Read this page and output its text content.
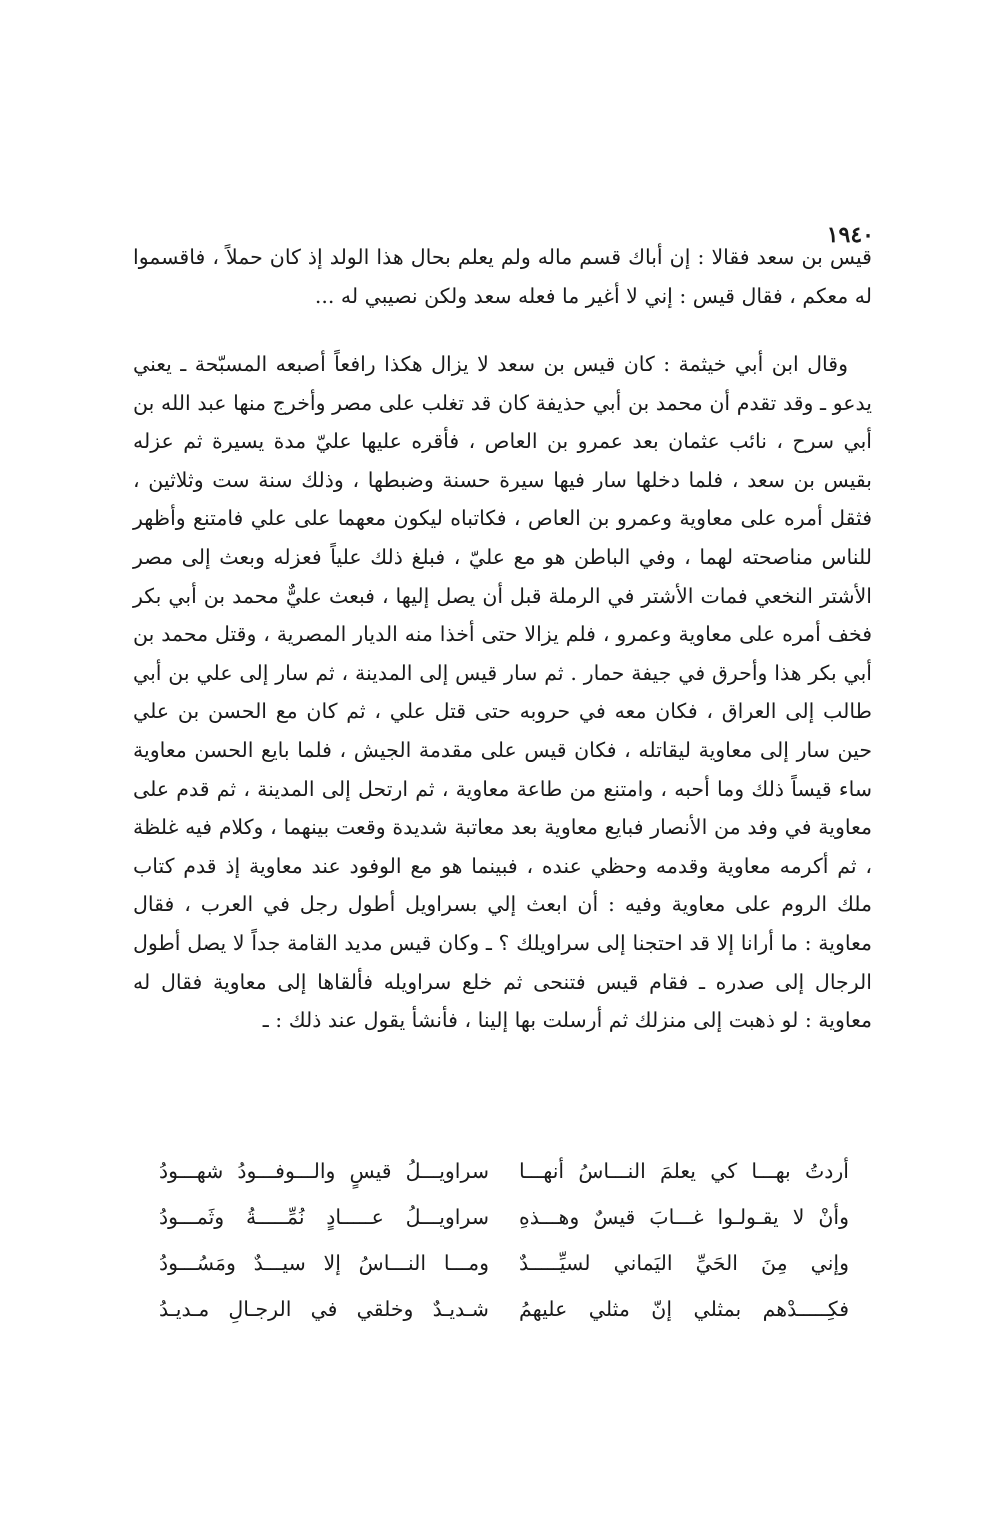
١٩٤٠

قيس بن سعد فقالا : إن أباك قسم ماله ولم يعلم بحال هذا الولد إذ كان حملاً ، فاقسموا له معكم ، فقال قيس : إني لا أغير ما فعله سعد ولكن نصيبي له ...

وقال ابن أبي خيثمة : كان قيس بن سعد لا يزال هكذا رافعاً أصبعه المسبّحة ـ يعني يدعو ـ وقد تقدم أن محمد بن أبي حذيفة كان قد تغلب على مصر وأخرج منها عبد الله بن أبي سرح ، نائب عثمان بعد عمرو بن العاص ، فأقره عليها عليّ مدة يسيرة ثم عزله بقيس بن سعد ، فلما دخلها سار فيها سيرة حسنة وضبطها ، وذلك سنة ست وثلاثين ، فثقل أمره على معاوية وعمرو بن العاص ، فكاتباه ليكون معهما على علي فامتنع وأظهر للناس مناصحته لهما ، وفي الباطن هو مع عليّ ، فبلغ ذلك علياً فعزله وبعث إلى مصر الأشتر النخعي فمات الأشتر في الرملة قبل أن يصل إليها ، فبعث عليٌّ محمد بن أبي بكر فخف أمره على معاوية وعمرو ، فلم يزالا حتى أخذا منه الديار المصرية ، وقتل محمد بن أبي بكر هذا وأحرق في جيفة حمار . ثم سار قيس إلى المدينة ، ثم سار إلى علي بن أبي طالب إلى العراق ، فكان معه في حروبه حتى قتل علي ، ثم كان مع الحسن بن علي حين سار إلى معاوية ليقاتله ، فكان قيس على مقدمة الجيش ، فلما بايع الحسن معاوية ساء قيساً ذلك وما أحبه ، وامتنع من طاعة معاوية ، ثم ارتحل إلى المدينة ، ثم قدم على معاوية في وفد من الأنصار فبايع معاوية بعد معاتبة شديدة وقعت بينهما ، وكلام فيه غلظة ، ثم أكرمه معاوية وقدمه وحظي عنده ، فبينما هو مع الوفود عند معاوية إذ قدم كتاب ملك الروم على معاوية وفيه : أن ابعث إلي بسراويل أطول رجل في العرب ، فقال معاوية : ما أرانا إلا قد احتجنا إلى سراويلك ؟ ـ وكان قيس مديد القامة جداً لا يصل أطول الرجال إلى صدره ـ فقام قيس فتنحى ثم خلع سراويله فألقاها إلى معاوية فقال له معاوية : لو ذهبت إلى منزلك ثم أرسلت بها إلينا ، فأنشأ يقول عند ذلك : ـ

أردتُ بهـــا كي يعلمَ النـــاسُ أنهـــا
سراويـــلُ قيسٍ والـــوفـــودُ شهـــودُ
وأنْ لا يقـولـوا غـــابَ قيسٌ وهـــذهِ
سراويـــلُ عـــــادٍ نُمِّـــــةُ وثَمـــودُ
وإني مِنَ الحَيِّ اليَماني لسيِّـــــدٌ
ومـــا النـــاسُ إلا سيـــدٌ ومَسُـــودُ
فكِـــــدْهم بمثلي إنّ مثلي عليهمُ
شـديـدٌ وخلقي في الرجـالِ مـديـدُ
